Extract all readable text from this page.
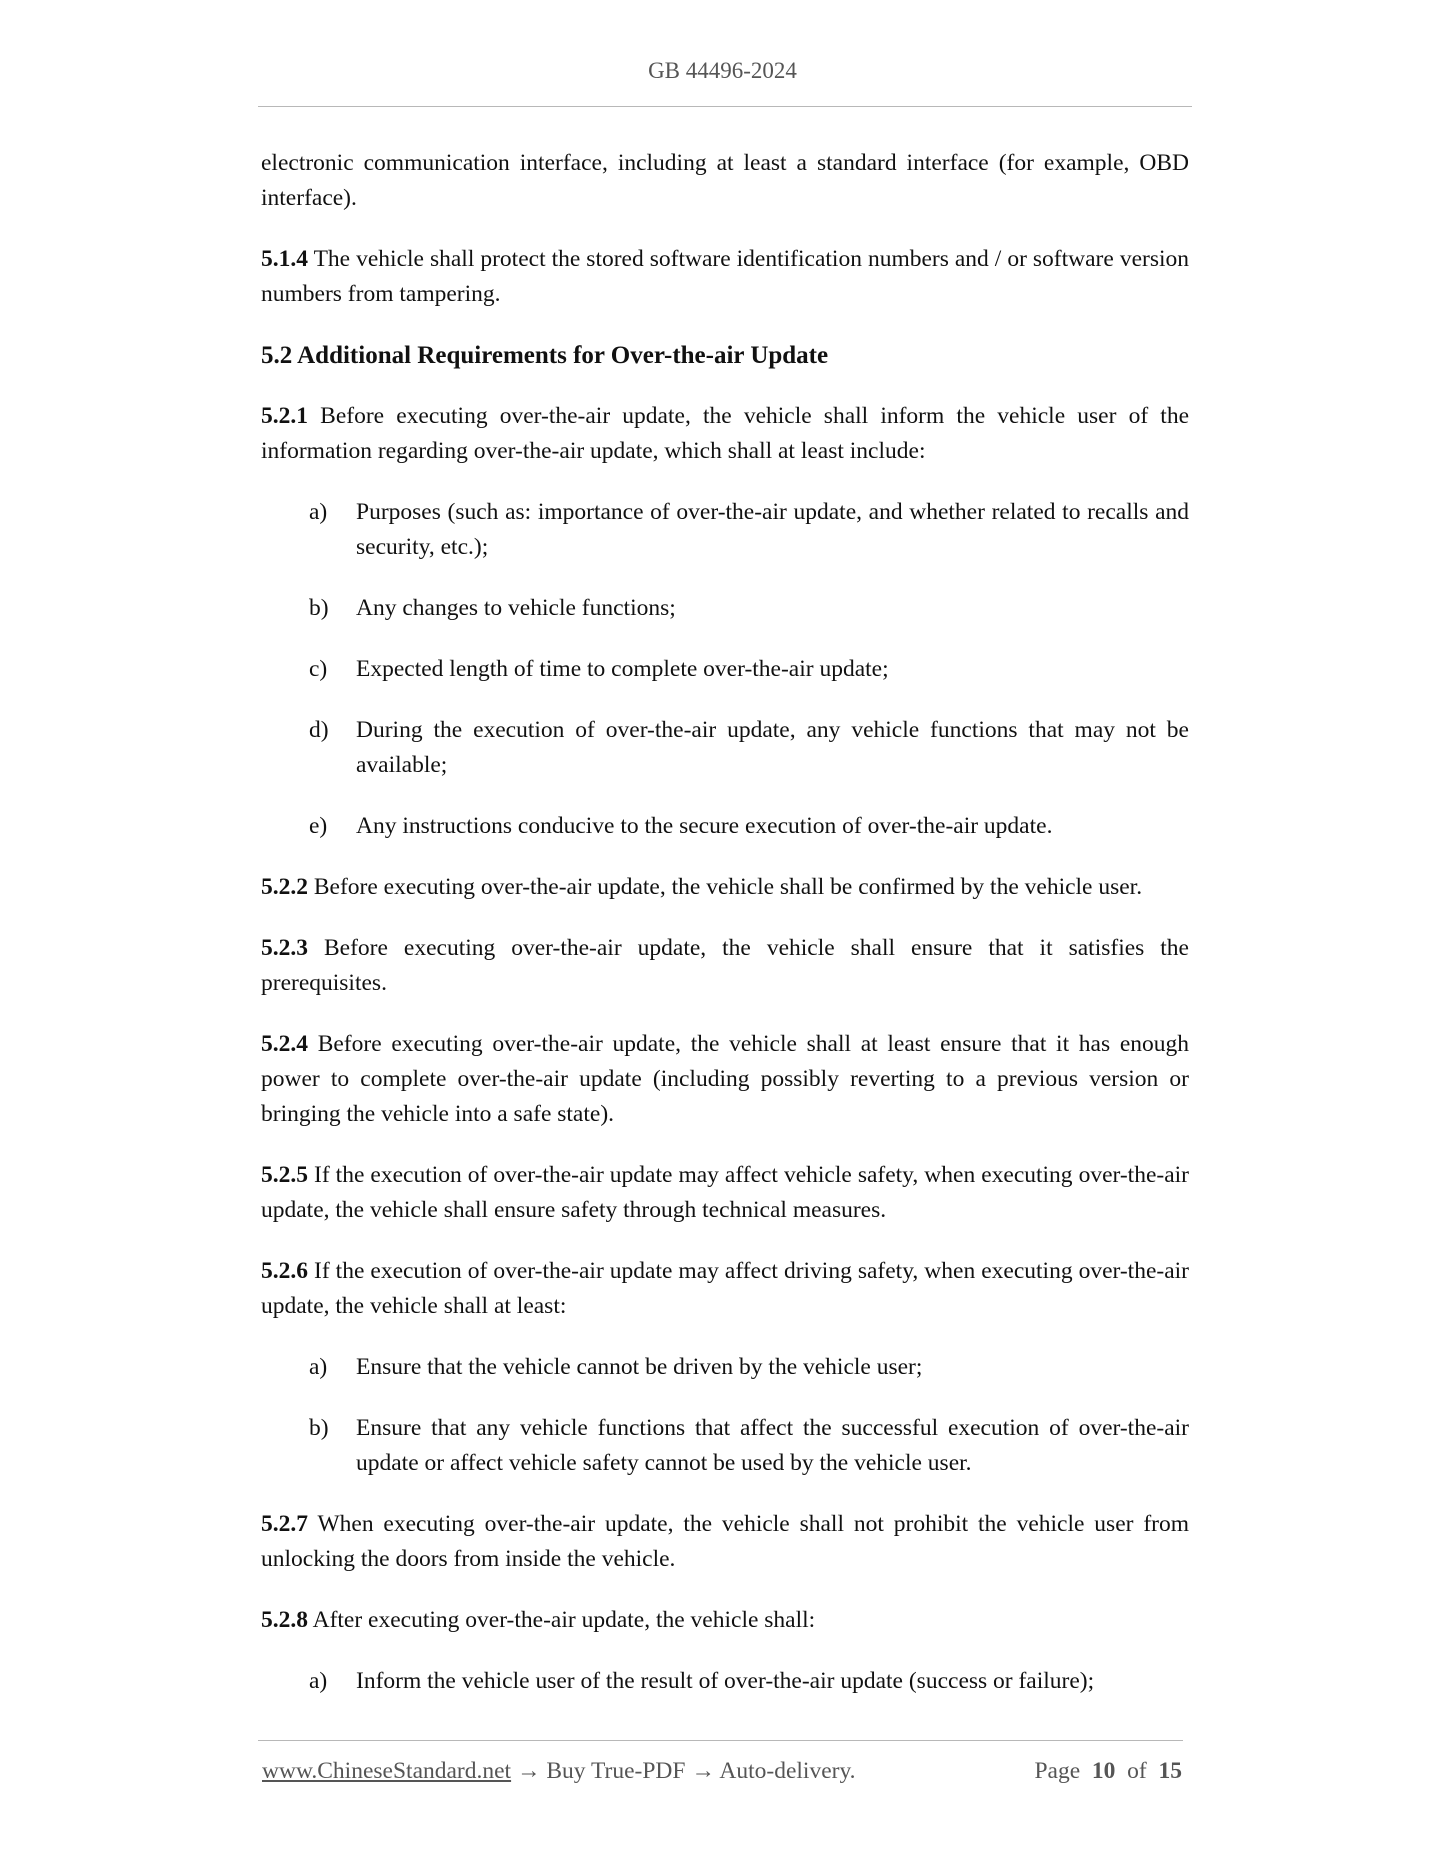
GB 44496-2024

electronic communication interface, including at least a standard interface (for example, OBD interface).

5.1.4 The vehicle shall protect the stored software identification numbers and / or software version numbers from tampering.

5.2 Additional Requirements for Over-the-air Update

5.2.1 Before executing over-the-air update, the vehicle shall inform the vehicle user of the information regarding over-the-air update, which shall at least include:

a)	Purposes (such as: importance of over-the-air update, and whether related to recalls and security, etc.);
b)	Any changes to vehicle functions;
c)	Expected length of time to complete over-the-air update;
d)	During the execution of over-the-air update, any vehicle functions that may not be available;
e)	Any instructions conducive to the secure execution of over-the-air update.

5.2.2 Before executing over-the-air update, the vehicle shall be confirmed by the vehicle user.

5.2.3 Before executing over-the-air update, the vehicle shall ensure that it satisfies the prerequisites.

5.2.4 Before executing over-the-air update, the vehicle shall at least ensure that it has enough power to complete over-the-air update (including possibly reverting to a previous version or bringing the vehicle into a safe state).

5.2.5 If the execution of over-the-air update may affect vehicle safety, when executing over-the-air update, the vehicle shall ensure safety through technical measures.

5.2.6 If the execution of over-the-air update may affect driving safety, when executing over-the-air update, the vehicle shall at least:

a)	Ensure that the vehicle cannot be driven by the vehicle user;
b)	Ensure that any vehicle functions that affect the successful execution of over-the-air update or affect vehicle safety cannot be used by the vehicle user.

5.2.7 When executing over-the-air update, the vehicle shall not prohibit the vehicle user from unlocking the doors from inside the vehicle.

5.2.8 After executing over-the-air update, the vehicle shall:

a)	Inform the vehicle user of the result of over-the-air update (success or failure);
www.ChineseStandard.net → Buy True-PDF → Auto-delivery.	Page 10 of 15
